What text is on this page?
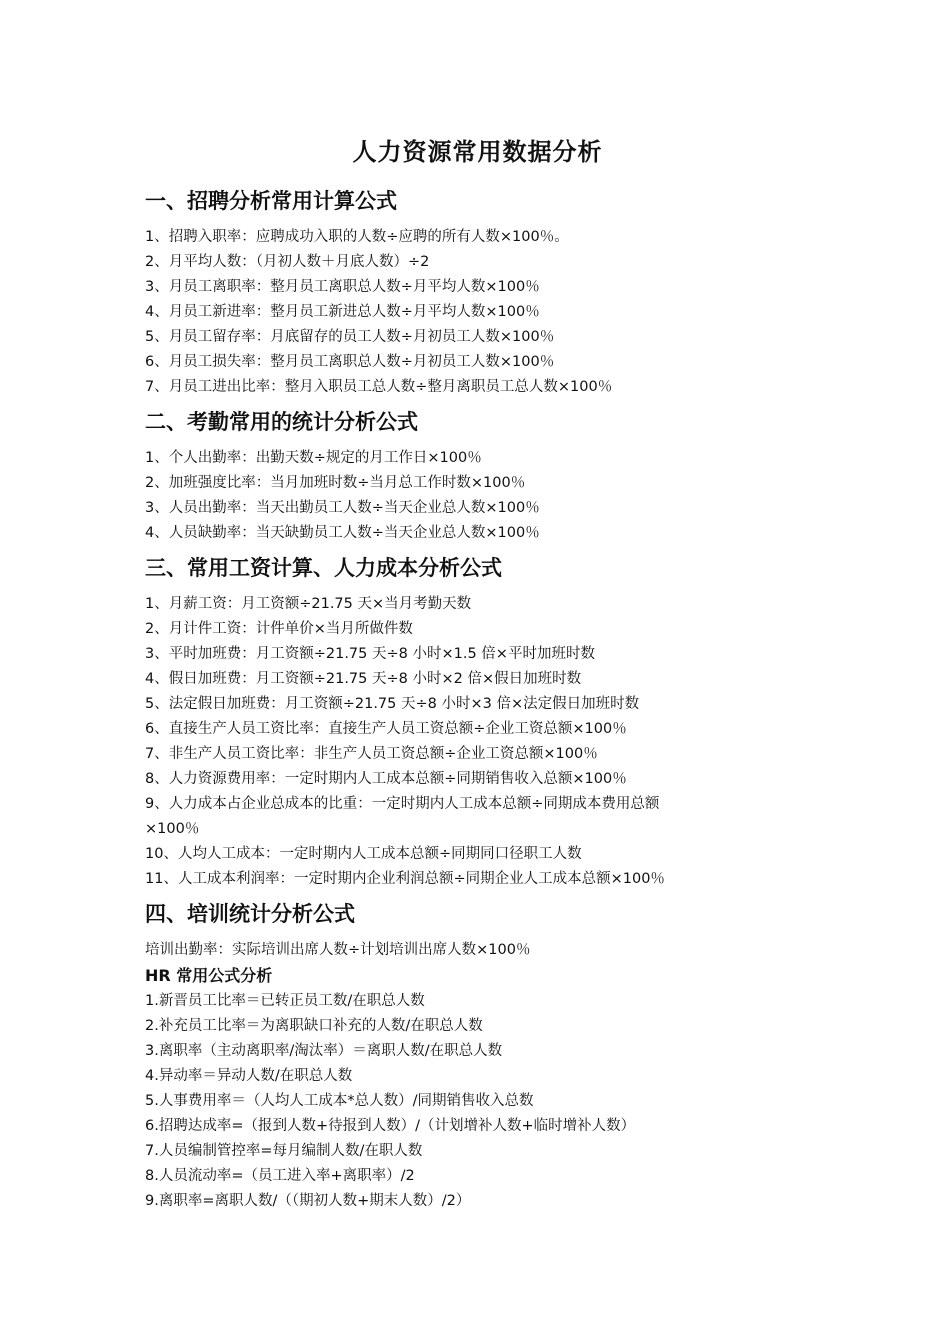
人力资源常用数据分析
一、招聘分析常用计算公式

1、招聘入职率：应聘成功入职的人数÷应聘的所有人数×100％。

2、月平均人数：（月初人数＋月底人数）÷2

3、月员工离职率：整月员工离职总人数÷月平均人数×100％

4、月员工新进率：整月员工新进总人数÷月平均人数×100％

5、月员工留存率：月底留存的员工人数÷月初员工人数×100％

6、月员工损失率：整月员工离职总人数÷月初员工人数×100％

7、月员工进出比率：整月入职员工总人数÷整月离职员工总人数×100％

二、考勤常用的统计分析公式

1、个人出勤率：出勤天数÷规定的月工作日×100％

2、加班强度比率：当月加班时数÷当月总工作时数×100％

3、人员出勤率：当天出勤员工人数÷当天企业总人数×100％

4、人员缺勤率：当天缺勤员工人数÷当天企业总人数×100％

三、常用工资计算、人力成本分析公式

1、月薪工资：月工资额÷21.75 天×当月考勤天数

2、月计件工资：计件单价×当月所做件数

3、平时加班费：月工资额÷21.75 天÷8 小时×1.5 倍×平时加班时数

4、假日加班费：月工资额÷21.75 天÷8 小时×2 倍×假日加班时数

5、法定假日加班费：月工资额÷21.75 天÷8 小时×3 倍×法定假日加班时数

6、直接生产人员工资比率：直接生产人员工资总额÷企业工资总额×100％

7、非生产人员工资比率：非生产人员工资总额÷企业工资总额×100％

8、人力资源费用率：一定时期内人工成本总额÷同期销售收入总额×100％

9、人力成本占企业总成本的比重：一定时期内人工成本总额÷同期成本费用总额×100％

10、人均人工成本：一定时期内人工成本总额÷同期同口径职工人数

11、人工成本利润率：一定时期内企业利润总额÷同期企业人工成本总额×100％

四、培训统计分析公式

培训出勤率：实际培训出席人数÷计划培训出席人数×100％

HR 常用公式分析

1.新晋员工比率＝已转正员工数/在职总人数

2.补充员工比率＝为离职缺口补充的人数/在职总人数

3.离职率（主动离职率/淘汰率）＝离职人数/在职总人数

4.异动率＝异动人数/在职总人数

5.人事费用率＝（人均人工成本*总人数）/同期销售收入总数

6.招聘达成率=（报到人数+待报到人数）/（计划增补人数+临时增补人数）

7.人员编制管控率=每月编制人数/在职人数

8.人员流动率=（员工进入率+离职率）/2

9.离职率=离职人数/（（期初人数+期末人数）/2）
